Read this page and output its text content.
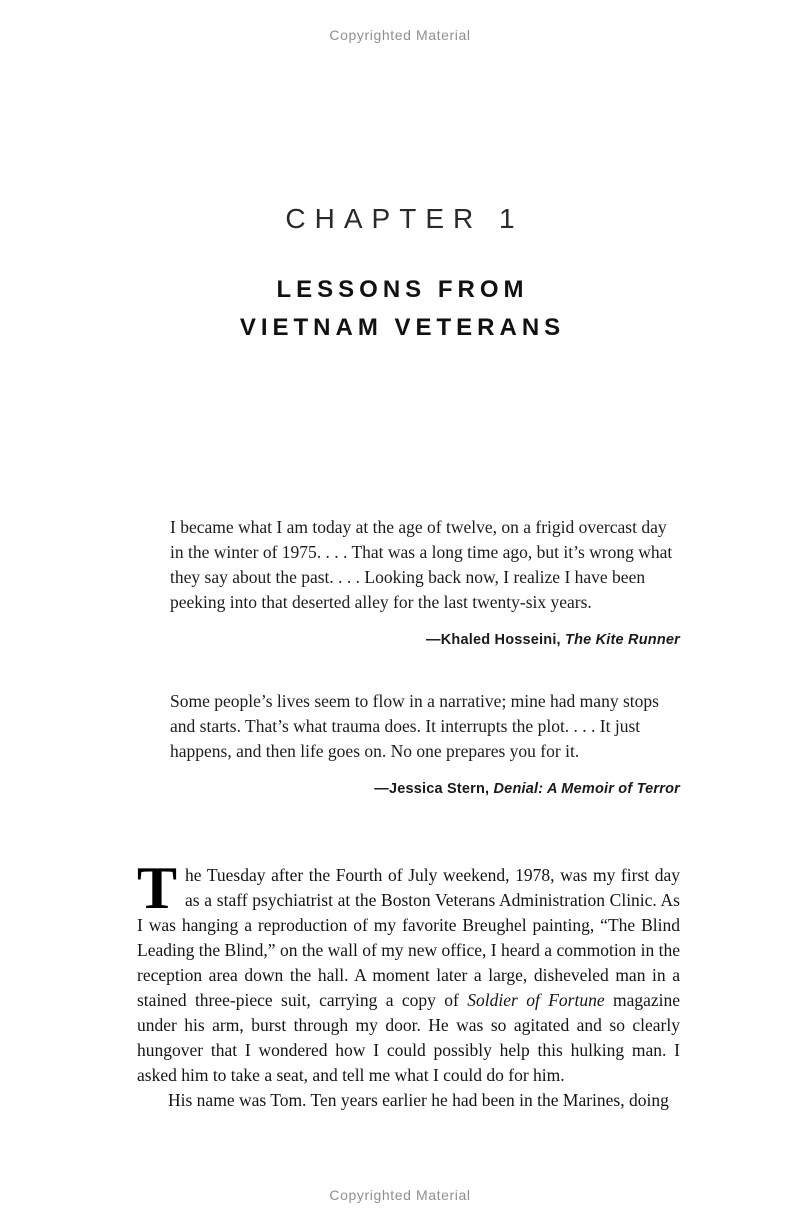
Copyrighted Material
CHAPTER 1
LESSONS FROM
VIETNAM VETERANS

I became what I am today at the age of twelve, on a frigid overcast day in the winter of 1975. . . . That was a long time ago, but it’s wrong what they say about the past. . . . Looking back now, I realize I have been peeking into that deserted alley for the last twenty-six years.

—Khaled Hosseini, The Kite Runner

Some people’s lives seem to flow in a narrative; mine had many stops and starts. That’s what trauma does. It interrupts the plot. . . . It just happens, and then life goes on. No one prepares you for it.

—Jessica Stern, Denial: A Memoir of Terror

The Tuesday after the Fourth of July weekend, 1978, was my first day as a staff psychiatrist at the Boston Veterans Administration Clinic. As I was hanging a reproduction of my favorite Breughel painting, “The Blind Leading the Blind,” on the wall of my new office, I heard a commotion in the reception area down the hall. A moment later a large, disheveled man in a stained three-piece suit, carrying a copy of Soldier of Fortune magazine under his arm, burst through my door. He was so agitated and so clearly hungover that I wondered how I could possibly help this hulking man. I asked him to take a seat, and tell me what I could do for him.

His name was Tom. Ten years earlier he had been in the Marines, doing

Copyrighted Material
